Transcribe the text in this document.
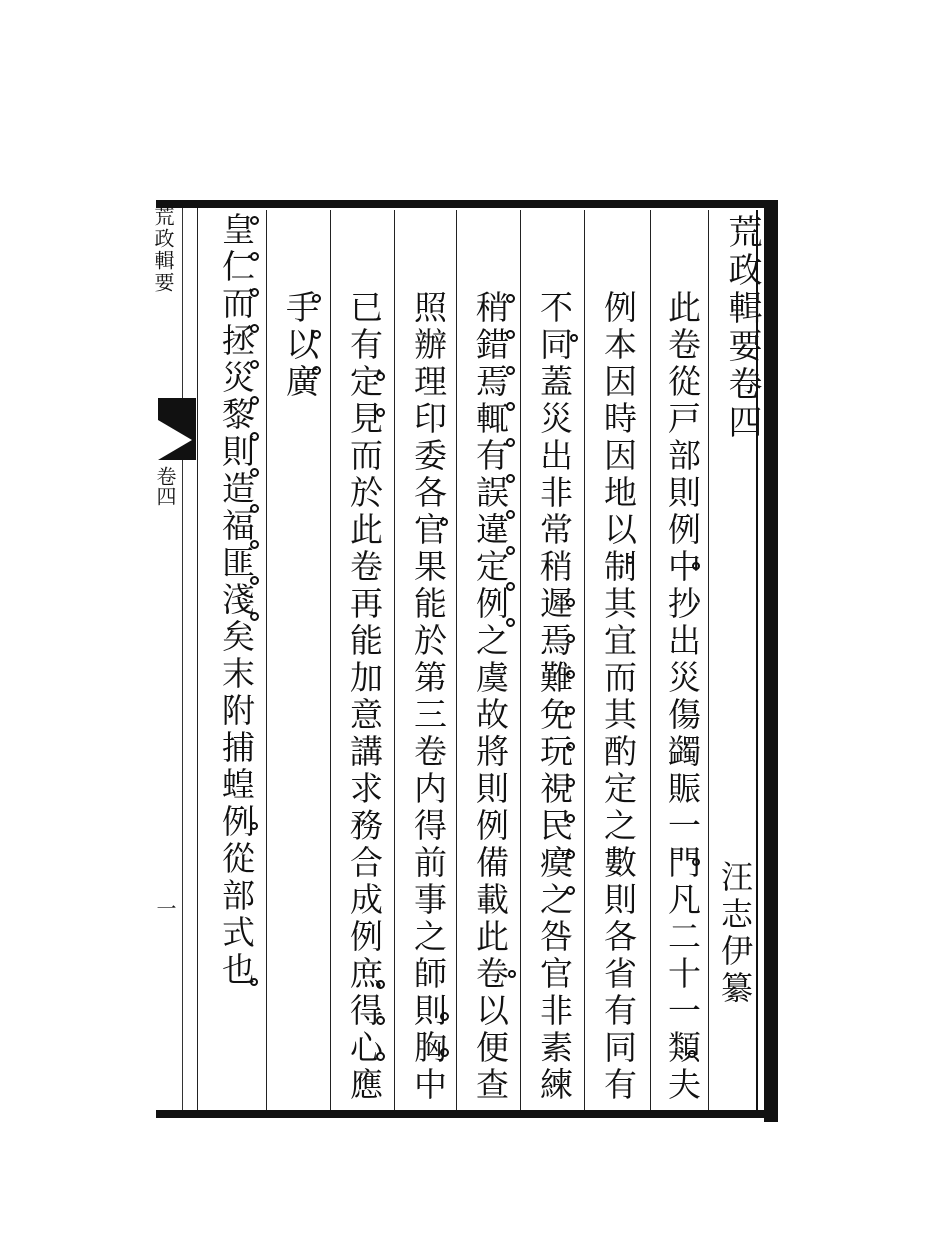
荒政輯要
卷四
一
荒政輯要卷四
汪志伊纂
此卷從戸部則例中抄出災傷蠲賑一門凡二十一類夫
例本因時因地以制其宜而其酌定之數則各省有同有
不同蓋災出非常稍遲焉難免玩視民瘼之咎官非素練
稍錯焉輒有誤違定例之虞故將則例備載此卷以便查
照辦理印委各官果能於第三卷内得前事之師則胸中
已有定見而於此卷再能加意講求務合成例庶得心應
手以廣
皇仁而拯災黎則造福匪淺矣末附捕蝗例從部式也
